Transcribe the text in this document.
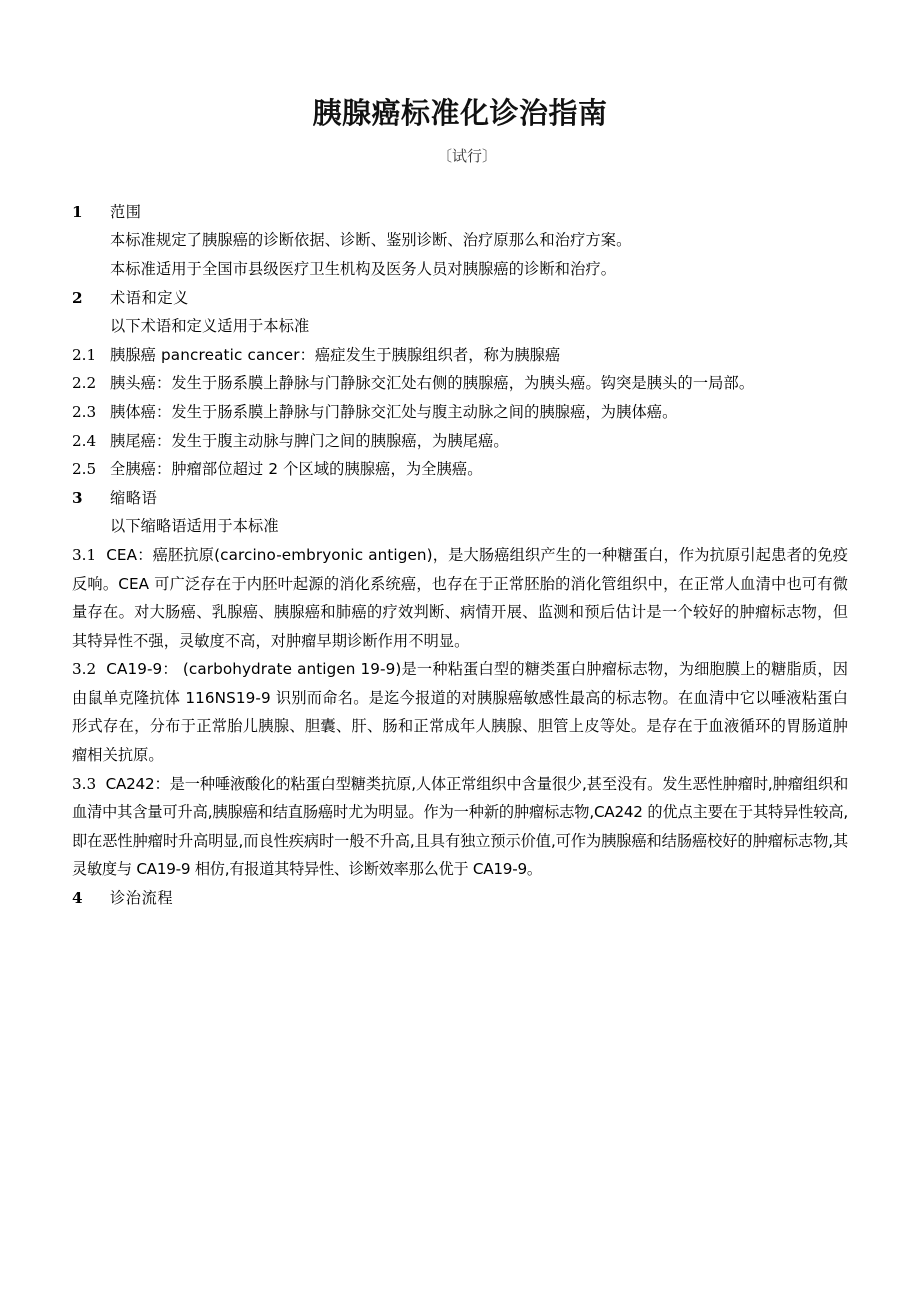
胰腺癌标准化诊治指南
〔试行〕
1 范围
本标准规定了胰腺癌的诊断依据、诊断、鉴别诊断、治疗原那么和治疗方案。
本标准适用于全国市县级医疗卫生机构及医务人员对胰腺癌的诊断和治疗。
2 术语和定义
以下术语和定义适用于本标准
2.1 胰腺癌 pancreatic cancer：癌症发生于胰腺组织者，称为胰腺癌
2.2 胰头癌：发生于肠系膜上静脉与门静脉交汇处右侧的胰腺癌，为胰头癌。钩突是胰头的一局部。
2.3 胰体癌：发生于肠系膜上静脉与门静脉交汇处与腹主动脉之间的胰腺癌，为胰体癌。
2.4 胰尾癌：发生于腹主动脉与脾门之间的胰腺癌，为胰尾癌。
2.5 全胰癌：肿瘤部位超过 2 个区域的胰腺癌，为全胰癌。
3 缩略语
以下缩略语适用于本标准

3.1 CEA：癌胚抗原(carcino-embryonic antigen)，是大肠癌组织产生的一种糖蛋白，作为抗原引起患者的免疫反响。CEA 可广泛存在于内胚叶起源的消化系统癌，也存在于正常胚胎的消化管组织中，在正常人血清中也可有微量存在。对大肠癌、乳腺癌、胰腺癌和肺癌的疗效判断、病情开展、监测和预后估计是一个较好的肿瘤标志物，但其特异性不强，灵敏度不高，对肿瘤早期诊断作用不明显。

3.2 CA19-9： (carbohydrate antigen 19-9)是一种粘蛋白型的糖类蛋白肿瘤标志物，为细胞膜上的糖脂质，因由鼠单克隆抗体 116NS19-9 识别而命名。是迄今报道的对胰腺癌敏感性最高的标志物。在血清中它以唾液粘蛋白形式存在，分布于正常胎儿胰腺、胆囊、肝、肠和正常成年人胰腺、胆管上皮等处。是存在于血液循环的胃肠道肿瘤相关抗原。

3.3 CA242：是一种唾液酸化的粘蛋白型糖类抗原,人体正常组织中含量很少,甚至没有。发生恶性肿瘤时,肿瘤组织和血清中其含量可升高,胰腺癌和结直肠癌时尤为明显。作为一种新的肿瘤标志物,CA242 的优点主要在于其特异性较高,即在恶性肿瘤时升高明显,而良性疾病时一般不升高,且具有独立预示价值,可作为胰腺癌和结肠癌校好的肿瘤标志物,其灵敏度与 CA19-9 相仿,有报道其特异性、诊断效率那么优于 CA19-9。

4 诊治流程
